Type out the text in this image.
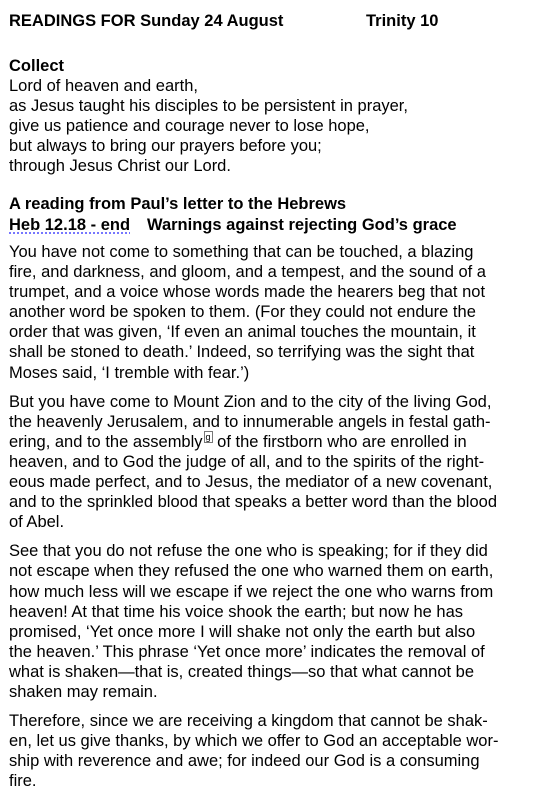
READINGS FOR Sunday 24 August	Trinity 10
Collect
Lord of heaven and earth,
as Jesus taught his disciples to be persistent in prayer,
give us patience and courage never to lose hope,
but always to bring our prayers before you;
through Jesus Christ our Lord.
A reading from Paul’s letter to the Hebrews
Heb 12.18 - end	Warnings against rejecting God’s grace
You have not come to something that can be touched, a blazing
fire, and darkness, and gloom, and a tempest, and the sound of a
trumpet, and a voice whose words made the hearers beg that not
another word be spoken to them. (For they could not endure the
order that was given, ‘If even an animal touches the mountain, it
shall be stoned to death.’ Indeed, so terrifying was the sight that
Moses said, ‘I tremble with fear.’)
But you have come to Mount Zion and to the city of the living God,
the heavenly Jerusalem, and to innumerable angels in festal gath-
ering, and to the assembly $^g$ of the firstborn who are enrolled in
heaven, and to God the judge of all, and to the spirits of the right-
eous made perfect, and to Jesus, the mediator of a new covenant,
and to the sprinkled blood that speaks a better word than the blood
of Abel.
See that you do not refuse the one who is speaking; for if they did
not escape when they refused the one who warned them on earth,
how much less will we escape if we reject the one who warns from
heaven! At that time his voice shook the earth; but now he has
promised, ‘Yet once more I will shake not only the earth but also
the heaven.’ This phrase ‘Yet once more’ indicates the removal of
what is shaken—that is, created things—so that what cannot be
shaken may remain.
Therefore, since we are receiving a kingdom that cannot be shak-
en, let us give thanks, by which we offer to God an acceptable wor-
ship with reverence and awe; for indeed our God is a consuming
fire.
